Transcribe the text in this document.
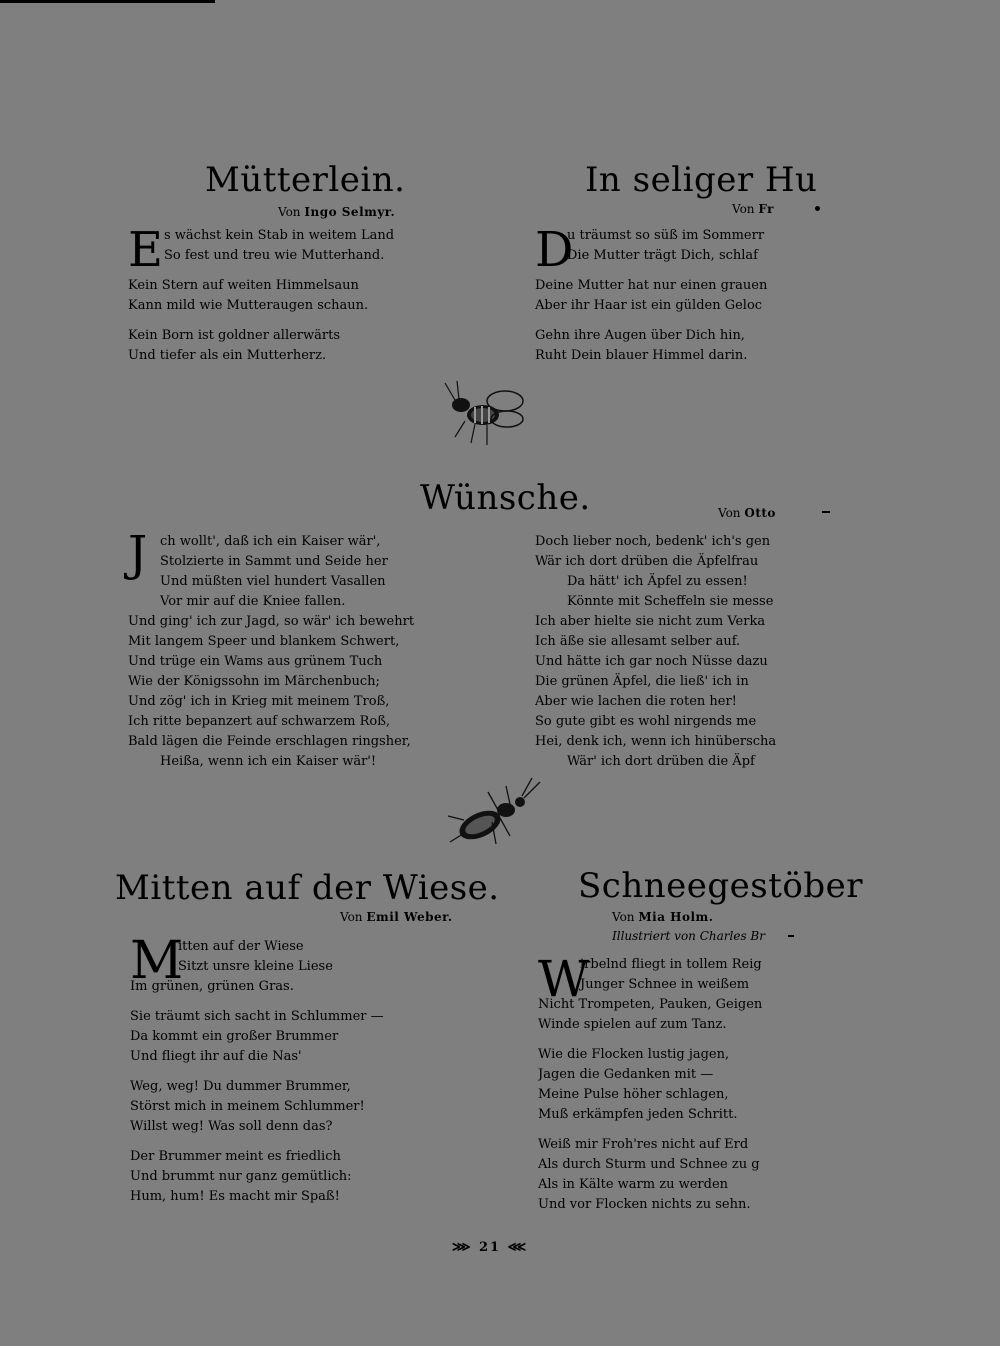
Mütterlein.
Von Ingo Selmyr.
E s wächst kein Stab in weitem Land
So fest und treu wie Mutterhand.
Kein Stern auf weiten Himmelsaun
Kann mild wie Mutteraugen schaun.
Kein Born ist goldner allerwärts
Und tiefer als ein Mutterherz.
In seliger Hu
Von Fr
D
u träumst so süß im Sommerr
Die Mutter trägt Dich, schlaf
Deine Mutter hat nur einen grauen
Aber ihr Haar ist ein gülden Geloc
Gehn ihre Augen über Dich hin,
Ruht Dein blauer Himmel darin.
Wünsche.	Von Otto
J ch wollt', daß ich ein Kaiser wär',
Stolzierte in Sammt und Seide her
Und müßten viel hundert Vasallen
Vor mir auf die Kniee fallen.
Und ging' ich zur Jagd, so wär' ich bewehrt
Mit langem Speer und blankem Schwert,
Und trüge ein Wams aus grünem Tuch
Wie der Königssohn im Märchenbuch;
Und zög' ich in Krieg mit meinem Troß,
Ich ritte bepanzert auf schwarzem Roß,
Bald lägen die Feinde erschlagen ringsher,
Heißa, wenn ich ein Kaiser wär'!
Doch lieber noch, bedenk' ich's gen
Wär ich dort drüben die Äpfelfrau
Da hätt' ich Äpfel zu essen!
Könnte mit Scheffeln sie messe
Ich aber hielte sie nicht zum Verka
Ich äße sie allesamt selber auf.
Und hätte ich gar noch Nüsse dazu
Die grünen Äpfel, die ließ' ich in
Aber wie lachen die roten her!
So gute gibt es wohl nirgends me
Hei, denk ich, wenn ich hinüberscha
Wär' ich dort drüben die Äpf
Mitten auf der Wiese.
Von Emil Weber.
M
itten auf der Wiese
Sitzt unsre kleine Liese
Im grünen, grünen Gras.
Sie träumt sich sacht in Schlummer —
Da kommt ein großer Brummer
Und fliegt ihr auf die Nas'
Weg, weg! Du dummer Brummer,
Störst mich in meinem Schlummer!
Willst weg! Was soll denn das?
Der Brummer meint es friedlich
Und brummt nur ganz gemütlich:
Hum, hum! Es macht mir Spaß!
Schneegestöber
Von Mia Holm.
Illustriert von Charles Br
W
irbelnd fliegt in tollem Reig
Junger Schnee in weißem
Nicht Trompeten, Pauken, Geigen
Winde spielen auf zum Tanz.
Wie die Flocken lustig jagen,
Jagen die Gedanken mit —
Meine Pulse höher schlagen,
Muß erkämpfen jeden Schritt.
Weiß mir Froh'res nicht auf Erd
Als durch Sturm und Schnee zu g
Als in Kälte warm zu werden
Und vor Flocken nichts zu sehn.
⋙ 21 ⋘
